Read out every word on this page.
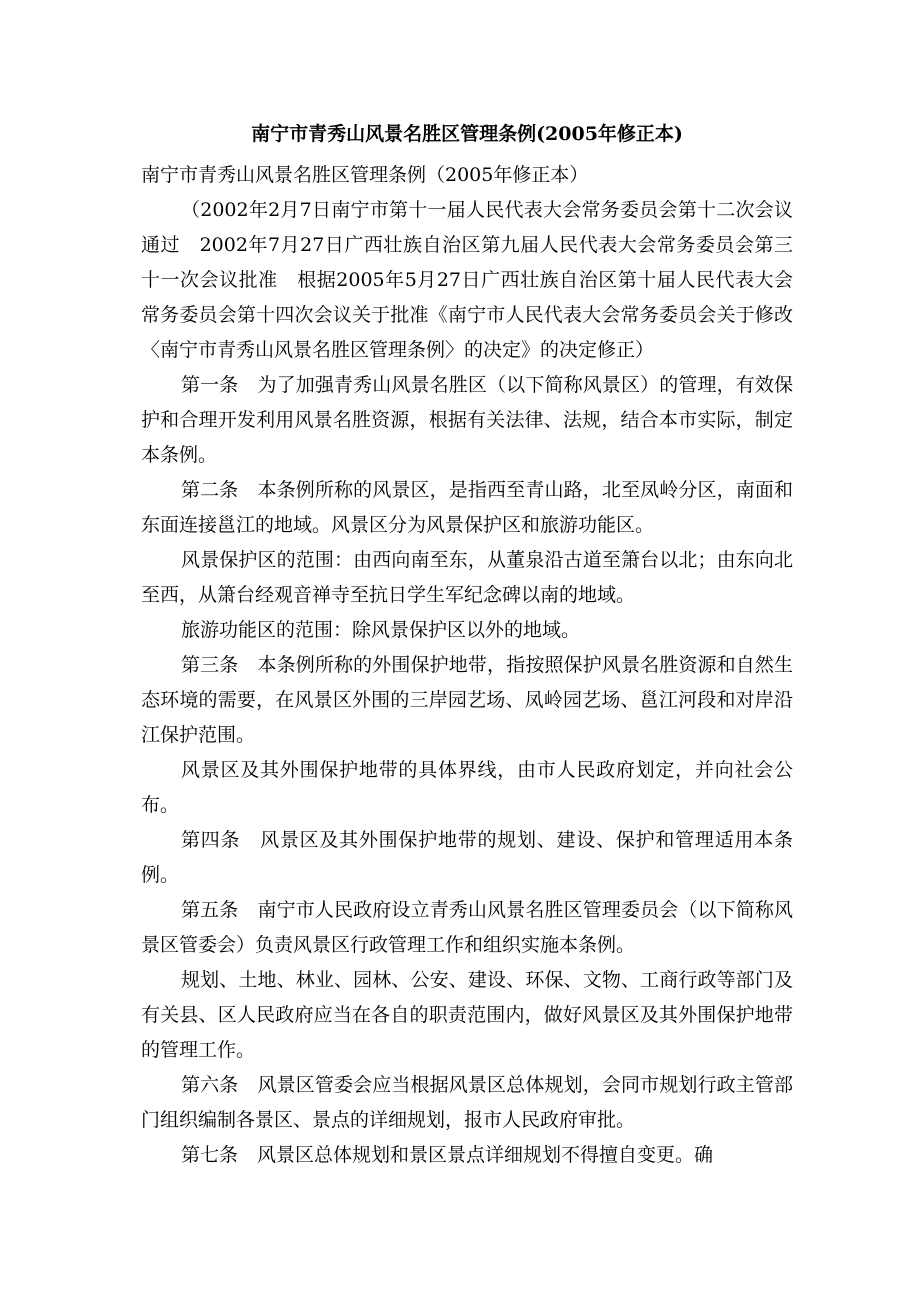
南宁市青秀山风景名胜区管理条例(2005年修正本)

南宁市青秀山风景名胜区管理条例（2005年修正本）

（2002年2月7日南宁市第十一届人民代表大会常务委员会第十二次会议通过　2002年7月27日广西壮族自治区第九届人民代表大会常务委员会第三十一次会议批准　根据2005年5月27日广西壮族自治区第十届人民代表大会常务委员会第十四次会议关于批准《南宁市人民代表大会常务委员会关于修改〈南宁市青秀山风景名胜区管理条例〉的决定》的决定修正）

第一条　为了加强青秀山风景名胜区（以下简称风景区）的管理，有效保护和合理开发利用风景名胜资源，根据有关法律、法规，结合本市实际，制定本条例。

第二条　本条例所称的风景区，是指西至青山路，北至凤岭分区，南面和东面连接邕江的地域。风景区分为风景保护区和旅游功能区。

风景保护区的范围：由西向南至东，从董泉沿古道至箫台以北；由东向北至西，从箫台经观音禅寺至抗日学生军纪念碑以南的地域。

旅游功能区的范围：除风景保护区以外的地域。

第三条　本条例所称的外围保护地带，指按照保护风景名胜资源和自然生态环境的需要，在风景区外围的三岸园艺场、凤岭园艺场、邕江河段和对岸沿江保护范围。

风景区及其外围保护地带的具体界线，由市人民政府划定，并向社会公布。

第四条　风景区及其外围保护地带的规划、建设、保护和管理适用本条例。

第五条　南宁市人民政府设立青秀山风景名胜区管理委员会（以下简称风景区管委会）负责风景区行政管理工作和组织实施本条例。

规划、土地、林业、园林、公安、建设、环保、文物、工商行政等部门及有关县、区人民政府应当在各自的职责范围内，做好风景区及其外围保护地带的管理工作。

第六条　风景区管委会应当根据风景区总体规划，会同市规划行政主管部门组织编制各景区、景点的详细规划，报市人民政府审批。

第七条　风景区总体规划和景区景点详细规划不得擅自变更。确
